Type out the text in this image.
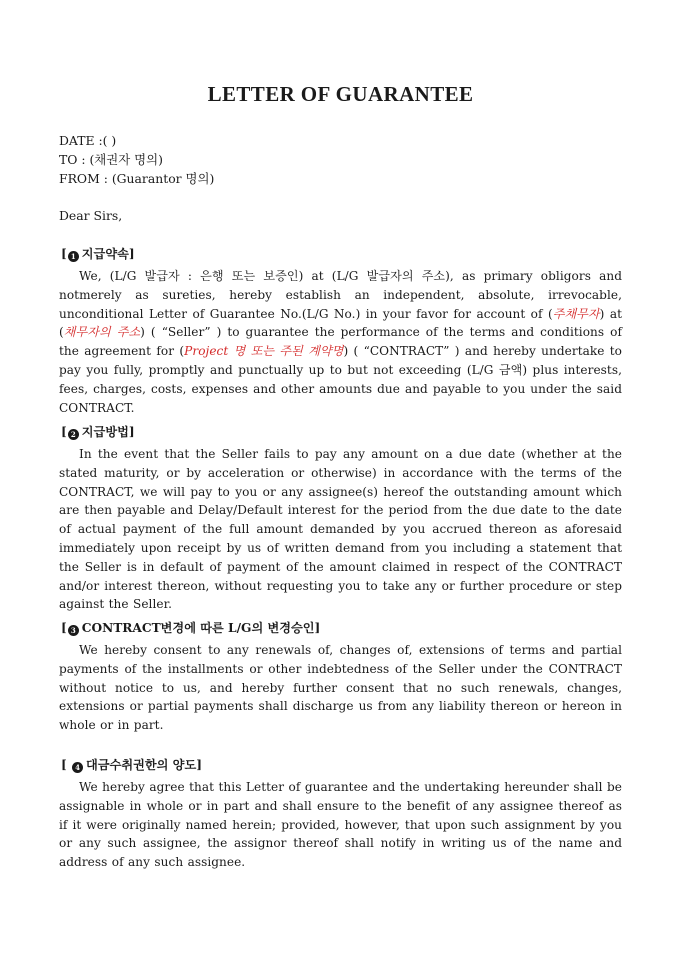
LETTER OF GUARANTEE
DATE :( )
TO : (채권자 명의)
FROM : (Guarantor 명의)
Dear Sirs,
[ 1 지급약속]

We, (L/G 발급자 : 은행 또는 보증인) at (L/G 발급자의 주소), as primary obligors and notmerely as sureties, hereby establish an independent, absolute, irrevocable, unconditional Letter of Guarantee No.(L/G No.) in your favor for account of (주채무자) at (채무자의 주소) ( “Seller” ) to guarantee the performance of the terms and conditions of the agreement for (Project 명 또는 주된 계약명) ( “CONTRACT” ) and hereby undertake to pay you fully, promptly and punctually up to but not exceeding (L/G 금액) plus interests, fees, charges, costs, expenses and other amounts due and payable to you under the said CONTRACT.

[ 2 지급방법]

In the event that the Seller fails to pay any amount on a due date (whether at the stated maturity, or by acceleration or otherwise) in accordance with the terms of the CONTRACT, we will pay to you or any assignee(s) hereof the outstanding amount which are then payable and Delay/Default interest for the period from the due date to the date of actual payment of the full amount demanded by you accrued thereon as aforesaid immediately upon receipt by us of written demand from you including a statement that the Seller is in default of payment of the amount claimed in respect of the CONTRACT and/or interest thereon, without requesting you to take any or further procedure or step against the Seller.

[ 3 CONTRACT변경에 따른 L/G의 변경승인]

We hereby consent to any renewals of, changes of, extensions of terms and partial payments of the installments or other indebtedness of the Seller under the CONTRACT without notice to us, and hereby further consent that no such renewals, changes, extensions or partial payments shall discharge us from any liability thereon or hereon in whole or in part.

[ 4 대금수취권한의 양도]

We hereby agree that this Letter of guarantee and the undertaking hereunder shall be assignable in whole or in part and shall ensure to the benefit of any assignee thereof as if it were originally named herein; provided, however, that upon such assignment by you or any such assignee, the assignor thereof shall notify in writing us of the name and address of any such assignee.
